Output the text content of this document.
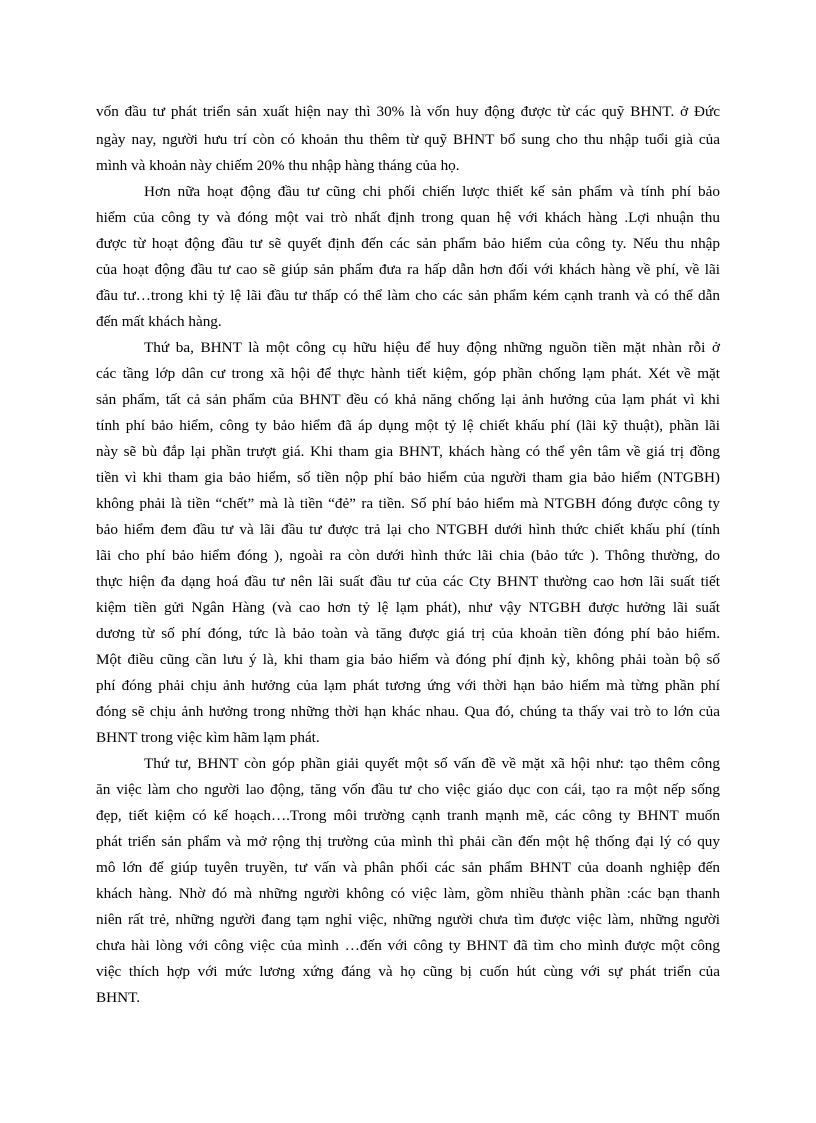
vốn đầu tư phát triển sản xuất hiện nay thì 30% là vốn huy động được từ các quỹ BHNT. ở Đức
ngày nay, người hưu trí còn có khoản thu thêm từ quỹ BHNT bổ sung cho thu nhập tuổi già của
mình và khoản này chiếm 20% thu nhập hàng tháng của họ.
Hơn nữa hoạt động đầu tư cũng chi phối chiến lược thiết kế sản phẩm và tính phí bảo
hiểm của công ty và đóng một vai trò nhất định trong quan hệ với khách hàng .Lợi nhuận thu
được từ hoạt động đầu tư sẽ quyết định đến các sản phẩm bảo hiểm của công ty. Nếu thu nhập
của hoạt động đầu tư cao sẽ giúp sản phẩm đưa ra hấp dẫn hơn đối với khách hàng về phí, về lãi
đầu tư…trong khi tỷ lệ lãi đầu tư thấp có thể làm cho các sản phẩm kém cạnh tranh và có thể dẫn
đến mất khách hàng.
Thứ ba, BHNT là một công cụ hữu hiệu để huy động những nguồn tiền mặt nhàn rỗi ở
các tầng lớp dân cư trong xã hội để thực hành tiết kiệm, góp phần chống lạm phát. Xét về mặt
sản phẩm, tất cả sản phẩm của BHNT đều có khả năng chống lại ảnh hưởng của lạm phát vì khi
tính phí bảo hiểm, công ty bảo hiểm đã áp dụng một tỷ lệ chiết khấu phí (lãi kỹ thuật), phần lãi
này sẽ bù đắp lại phần trượt giá. Khi tham gia BHNT, khách hàng có thể yên tâm về giá trị đồng
tiền vì khi tham gia bảo hiểm, số tiền nộp phí bảo hiểm của người tham gia bảo hiểm (NTGBH)
không phải là tiền “chết” mà là tiền “đẻ” ra tiền. Số phí bảo hiểm mà NTGBH đóng được công ty
bảo hiểm đem đầu tư và lãi đầu tư được trả lại cho NTGBH dưới hình thức chiết khấu phí (tính
lãi cho phí bảo hiểm đóng ), ngoài ra còn dưới hình thức lãi chia (bảo tức ). Thông thường, do
thực hiện đa dạng hoá đầu tư nên lãi suất đầu tư của các Cty BHNT thường cao hơn lãi suất tiết
kiệm tiền gửi Ngân Hàng (và cao hơn tỷ lệ lạm phát), như vậy NTGBH được hưởng lãi suất
dương từ số phí đóng, tức là bảo toàn và tăng được giá trị của khoản tiền đóng phí bảo hiểm.
Một điều cũng cần lưu ý là, khi tham gia bảo hiểm và đóng phí định kỳ, không phải toàn bộ số
phí đóng phải chịu ảnh hưởng của lạm phát tương ứng với thời hạn bảo hiểm mà từng phần phí
đóng sẽ chịu ảnh hưởng trong những thời hạn khác nhau. Qua đó, chúng ta thấy vai trò to lớn của
BHNT trong việc kìm hãm lạm phát.
Thứ tư, BHNT còn góp phần giải quyết một số vấn đề về mặt xã hội như: tạo thêm công
ăn việc làm cho người lao động, tăng vốn đầu tư cho việc giáo dục con cái, tạo ra một nếp sống
đẹp, tiết kiệm có kế hoạch….Trong môi trường cạnh tranh mạnh mẽ, các công ty BHNT muốn
phát triển sản phẩm và mở rộng thị trường của mình thì phải cần đến một hệ thống đại lý có quy
mô lớn để giúp tuyên truyền, tư vấn và phân phối các sản phẩm BHNT của doanh nghiệp đến
khách hàng. Nhờ đó mà những người không có việc làm, gồm nhiều thành phần :các bạn thanh
niên rất trẻ, những người đang tạm nghỉ việc, những người chưa tìm được việc làm, những người
chưa hài lòng với công việc của mình …đến với công ty BHNT đã tìm cho mình được một công
việc thích hợp với mức lương xứng đáng và họ cũng bị cuốn hút cùng với sự phát triển của
BHNT.
